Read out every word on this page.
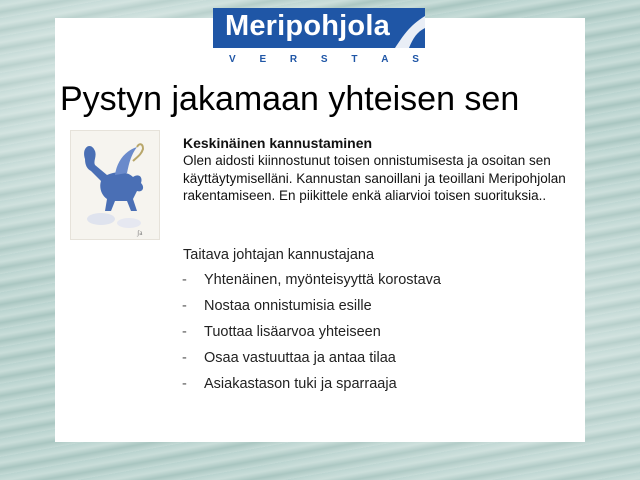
Meripohjola
V E R S T A S
Pystyn jakamaan yhteisen sen
ʃa
Keskinäinen kannustaminen

Olen aidosti kiinnostunut toisen onnistumisesta ja osoitan sen käyttäytymiselläni. Kannustan sanoillani ja teoillani Meripohjolan rakentamiseen. En piikittele enkä aliarvioi toisen suorituksia..

Taitava johtajan kannustajana
-	Yhtenäinen, myönteisyyttä korostava
-	Nostaa onnistumisia esille
-	Tuottaa lisäarvoa yhteiseen
-	Osaa vastuuttaa ja antaa tilaa
-	Asiakastason tuki ja sparraaja
